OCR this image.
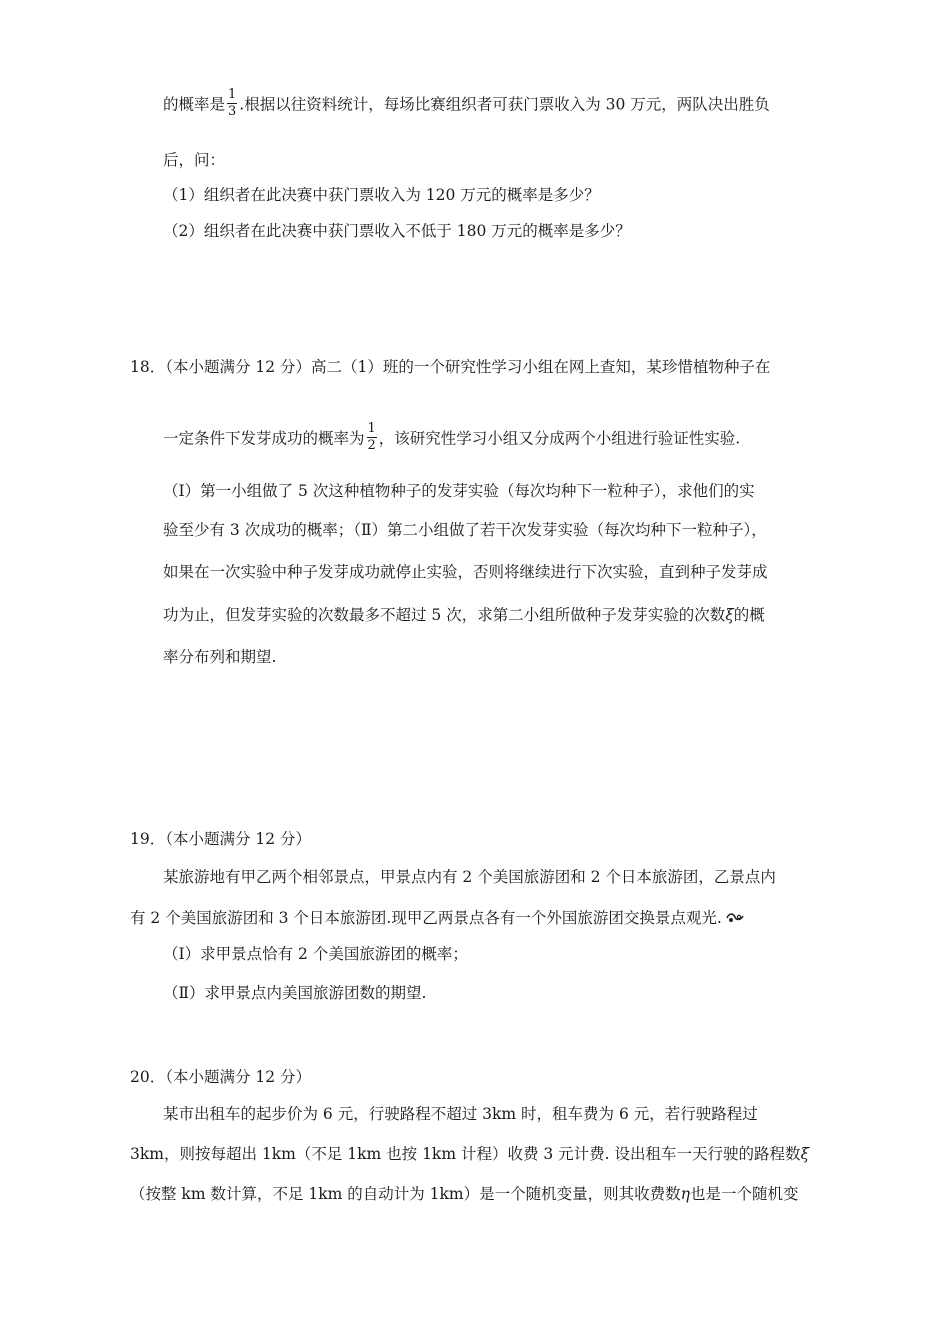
的概率是 $\frac{1}{3}$ .根据以往资料统计，每场比赛组织者可获门票收入为 30 万元，两队决出胜负
后，问：
（1）组织者在此决赛中获门票收入为 120 万元的概率是多少？
（2）组织者在此决赛中获门票收入不低于 180 万元的概率是多少？
18．（本小题满分 12 分）高二（1）班的一个研究性学习小组在网上查知，某珍惜植物种子在
一定条件下发芽成功的概率为 $\frac{1}{2}$ ，该研究性学习小组又分成两个小组进行验证性实验.
（Ⅰ）第一小组做了 5 次这种植物种子的发芽实验（每次均种下一粒种子），求他们的实
验至少有 3 次成功的概率；（Ⅱ）第二小组做了若干次发芽实验（每次均种下一粒种子），
如果在一次实验中种子发芽成功就停止实验，否则将继续进行下次实验，直到种子发芽成
功为止，但发芽实验的次数最多不超过 5 次，求第二小组所做种子发芽实验的次数ξ的概
率分布列和期望.
19．（本小题满分 12 分）
某旅游地有甲乙两个相邻景点，甲景点内有 2 个美国旅游团和 2 个日本旅游团，乙景点内
有 2 个美国旅游团和 3 个日本旅游团.现甲乙两景点各有一个外国旅游团交换景点观光.
（Ⅰ）求甲景点恰有 2 个美国旅游团的概率；
（Ⅱ）求甲景点内美国旅游团数的期望.
20．（本小题满分 12 分）
某市出租车的起步价为 6 元，行驶路程不超过 3km 时，租车费为 6 元，若行驶路程过
3km，则按每超出 1km（不足 1km 也按 1km 计程）收费 3 元计费. 设出租车一天行驶的路程数ξ
（按整 km 数计算，不足 1km 的自动计为 1km）是一个随机变量，则其收费数η也是一个随机变
